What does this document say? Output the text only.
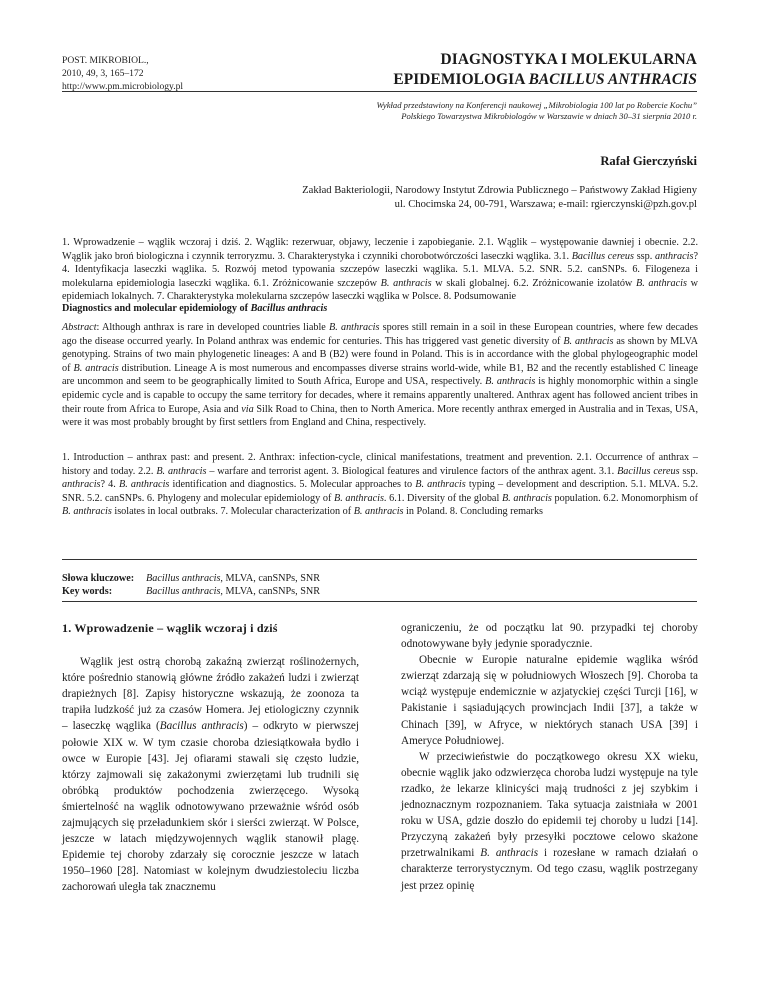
POST. MIKROBIOL.,
2010, 49, 3, 165–172
http://www.pm.microbiology.pl
DIAGNOSTYKA I MOLEKULARNA
EPIDEMIOLOGIA BACILLUS ANTHRACIS
Wykład przedstawiony na Konferencji naukowej „Mikrobiologia 100 lat po Robercie Kochu”
Polskiego Towarzystwa Mikrobiologów w Warszawie w dniach 30–31 sierpnia 2010 r.
Rafał Gierczyński
Zakład Bakteriologii, Narodowy Instytut Zdrowia Publicznego – Państwowy Zakład Higieny
ul. Chocimska 24, 00-791, Warszawa; e-mail: rgierczynski@pzh.gov.pl
1. Wprowadzenie – wąglik wczoraj i dziś. 2. Wąglik: rezerwuar, objawy, leczenie i zapobieganie. 2.1. Wąglik – występowanie dawniej i obecnie. 2.2. Wąglik jako broń biologiczna i czynnik terroryzmu. 3. Charakterystyka i czynniki chorobotwórczości laseczki wąglika. 3.1. Bacillus cereus ssp. anthracis? 4. Identyfikacja laseczki wąglika. 5. Rozwój metod typowania szczepów laseczki wąglika. 5.1. MLVA. 5.2. SNR. 5.2. canSNPs. 6. Filogeneza i molekularna epidemiologia laseczki wąglika. 6.1. Zróżnicowanie szczepów B. anthracis w skali globalnej. 6.2. Zróżnicowanie izolatów B. anthracis w epidemiach lokalnych. 7. Charakterystyka molekularna szczepów laseczki wąglika w Polsce. 8. Podsumowanie
Diagnostics and molecular epidemiology of Bacillus anthracis
Abstract: Although anthrax is rare in developed countries liable B. anthracis spores still remain in a soil in these European countries, where few decades ago the disease occurred yearly. In Poland anthrax was endemic for centuries. This has triggered vast genetic diversity of B. anthracis as shown by MLVA genotyping. Strains of two main phylogenetic lineages: A and B (B2) were found in Poland. This is in accordance with the global phylogeographic model of B. antracis distribution. Lineage A is most numerous and encompasses diverse strains world-wide, while B1, B2 and the recently established C lineage are uncommon and seem to be geographically limited to South Africa, Europe and USA, respectively. B. anthracis is highly monomorphic within a single epidemic cycle and is capable to occupy the same territory for decades, where it remains apparently unaltered. Anthrax agent has followed ancient tribes in their route from Africa to Europe, Asia and via Silk Road to China, then to North America. More recently anthrax emerged in Australia and in Texas, USA, were it was most probably brought by first settlers from England and China, respectively.
1. Introduction – anthrax past: and present. 2. Anthrax: infection-cycle, clinical manifestations, treatment and prevention. 2.1. Occurrence of anthrax – history and today. 2.2. B. anthracis – warfare and terrorist agent. 3. Biological features and virulence factors of the anthrax agent. 3.1. Bacillus cereus ssp. anthracis? 4. B. anthracis identification and diagnostics. 5. Molecular approaches to B. anthracis typing – development and description. 5.1. MLVA. 5.2. SNR. 5.2. canSNPs. 6. Phylogeny and molecular epidemiology of B. anthracis. 6.1. Diversity of the global B. anthracis population. 6.2. Monomorphism of B. anthracis isolates in local outbraks. 7. Molecular characterization of B. anthracis in Poland. 8. Concluding remarks
Słowa kluczowe: Bacillus anthracis, MLVA, canSNPs, SNR
Key words:	Bacillus anthracis, MLVA, canSNPs, SNR
1. Wprowadzenie – wąglik wczoraj i dziś

Wąglik jest ostrą chorobą zakaźną zwierząt roślinożernych, które pośrednio stanowią główne źródło zakażeń ludzi i zwierząt drapieżnych [8]. Zapisy historyczne wskazują, że zoonoza ta trapiła ludzkość już za czasów Homera. Jej etiologiczny czynnik – laseczkę wąglika (Bacillus anthracis) – odkryto w pierwszej połowie XIX w. W tym czasie choroba dziesiątkowała bydło i owce w Europie [43]. Jej ofiarami stawali się często ludzie, którzy zajmowali się zakażonymi zwierzętami lub trudnili się obróbką produktów pochodzenia zwierzęcego. Wysoką śmiertelność na wąglik odnotowywano przeważnie wśród osób zajmujących się przeładunkiem skór i sierści zwierząt. W Polsce, jeszcze w latach międzywojennych wąglik stanowił plagę. Epidemie tej choroby zdarzały się corocznie jeszcze w latach 1950–1960 [28]. Natomiast w kolejnym dwudziestoleciu liczba zachorowań uległa tak znacznemu

ograniczeniu, że od początku lat 90. przypadki tej choroby odnotowywane były jedynie sporadycznie.

Obecnie w Europie naturalne epidemie wąglika wśród zwierząt zdarzają się w południowych Włoszech [9]. Choroba ta wciąż występuje endemicznie w azjatyckiej części Turcji [16], w Pakistanie i sąsiadujących prowincjach Indii [37], a także w Chinach [39], w Afryce, w niektórych stanach USA [39] i Ameryce Południowej.

W przeciwieństwie do początkowego okresu XX wieku, obecnie wąglik jako odzwierzęca choroba ludzi występuje na tyle rzadko, że lekarze klinicyści mają trudności z jej szybkim i jednoznacznym rozpoznaniem. Taka sytuacja zaistniała w 2001 roku w USA, gdzie doszło do epidemii tej choroby u ludzi [14]. Przyczyną zakażeń były przesyłki pocztowe celowo skażone przetrwalnikami B. anthracis i rozesłane w ramach działań o charakterze terrorystycznym. Od tego czasu, wąglik postrzegany jest przez opinię
